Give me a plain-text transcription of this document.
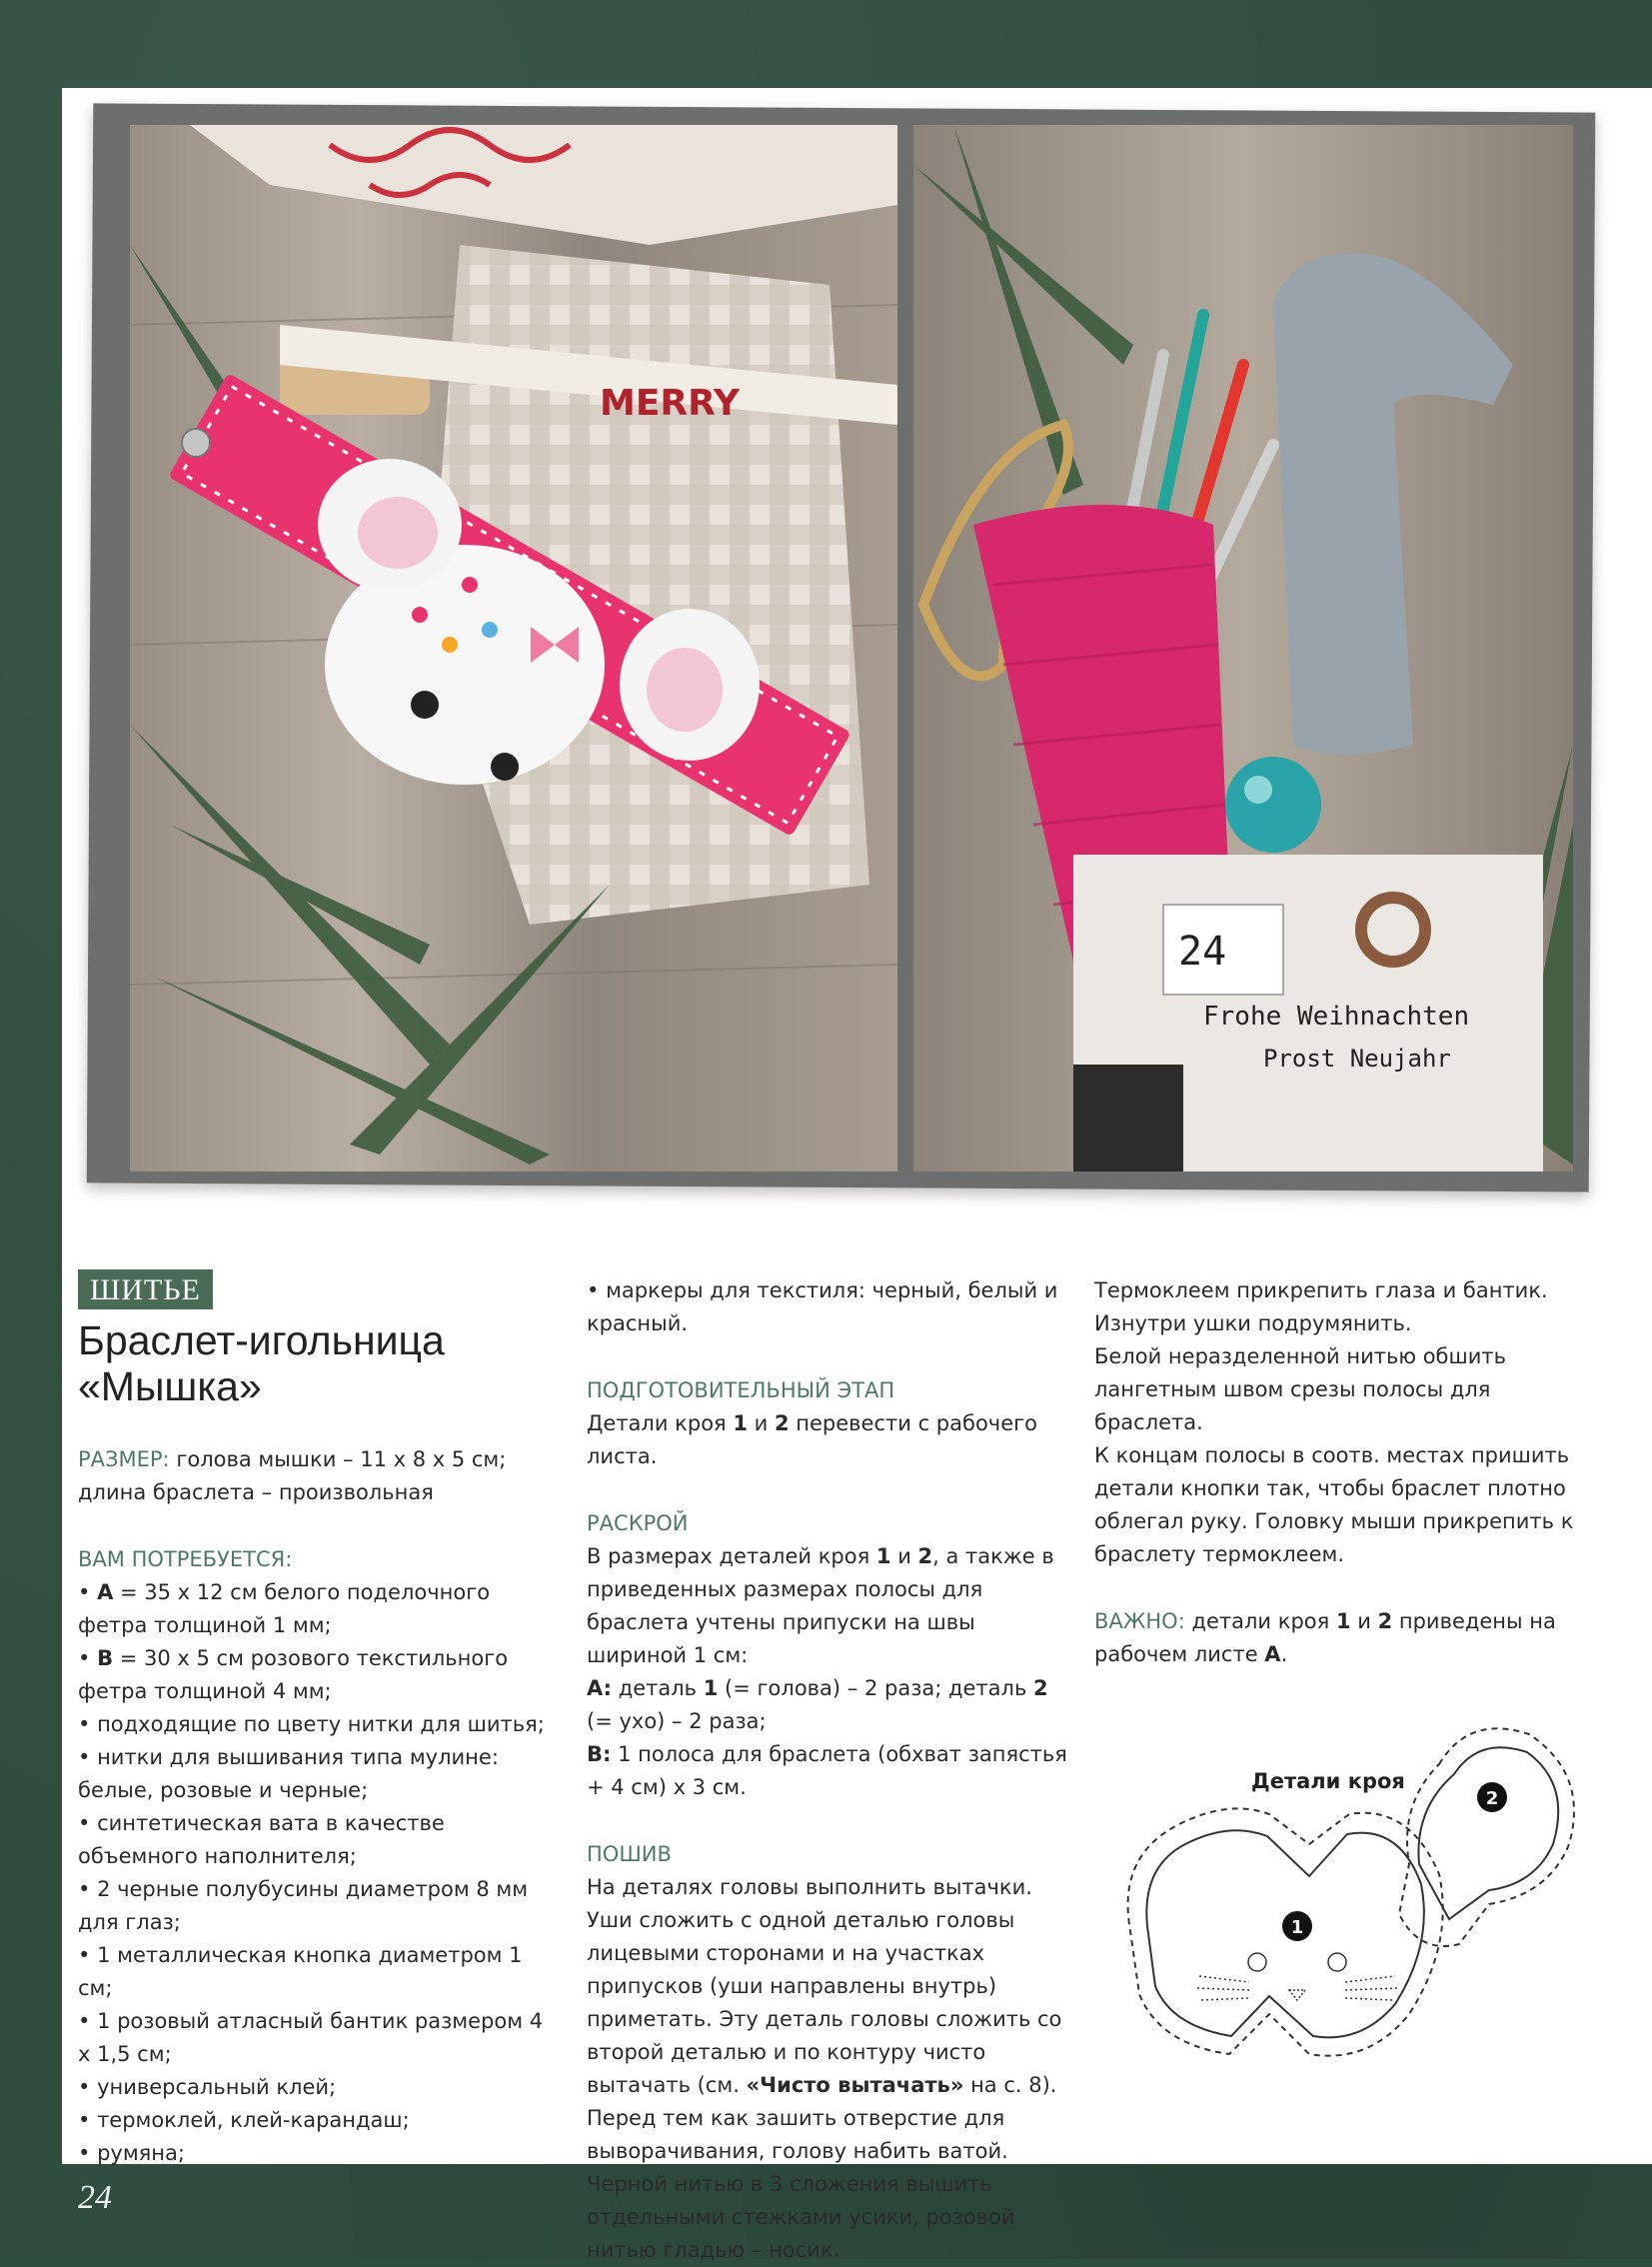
MERRY
24
Frohe Weihnachten
Prost Neujahr
ШИТЬЕ
Браслет-игольница
«Мышка»

РАЗМЕР: голова мышки – 11 х 8 х 5 см; длина браслета – произвольная

ВАМ ПОТРЕБУЕТСЯ:
• A = 35 х 12 см белого поделочного фетра толщиной 1 мм;
• B = 30 х 5 см розового текстильного фетра толщиной 4 мм;
• подходящие по цвету нитки для шитья;
• нитки для вышивания типа мулине: белые, розовые и черные;
• синтетическая вата в качестве объемного наполнителя;
• 2 черные полубусины диаметром 8 мм для глаз;
• 1 металлическая кнопка диаметром 1 см;
• 1 розовый атласный бантик размером 4 х 1,5 см;
• универсальный клей;
• термоклей, клей-карандаш;
• румяна;
• маркеры для текстиля: черный, белый и красный.
ПОДГОТОВИТЕЛЬНЫЙ ЭТАП

Детали кроя 1 и 2 перевести с рабочего листа.

РАСКРОЙ

В размерах деталей кроя 1 и 2, а также в приведенных размерах полосы для браслета учтены припуски на швы шириной 1 см:

A: деталь 1 (= голова) – 2 раза; деталь 2 (= ухо) – 2 раза;

B: 1 полоса для браслета (обхват запястья + 4 см) х 3 см.

ПОШИВ

На деталях головы выполнить вытачки. Уши сложить с одной деталью головы лицевыми сторонами и на участках припусков (уши направлены внутрь) приметать. Эту деталь головы сложить со второй деталью и по контуру чисто вытачать (см. «Чисто вытачать» на с. 8). Перед тем как зашить отверстие для выворачивания, голову набить ватой. Черной нитью в 3 сложения вышить отдельными стежками усики, розовой нитью гладью – носик.

Термоклеем прикрепить глаза и бантик.

Изнутри ушки подрумянить.

Белой неразделенной нитью обшить лангетным швом срезы полосы для браслета.

К концам полосы в соотв. местах пришить детали кнопки так, чтобы браслет плотно облегал руку. Головку мыши прикрепить к браслету термоклеем.

ВАЖНО: детали кроя 1 и 2 приведены на рабочем листе A.

Детали кроя
2
1
24
